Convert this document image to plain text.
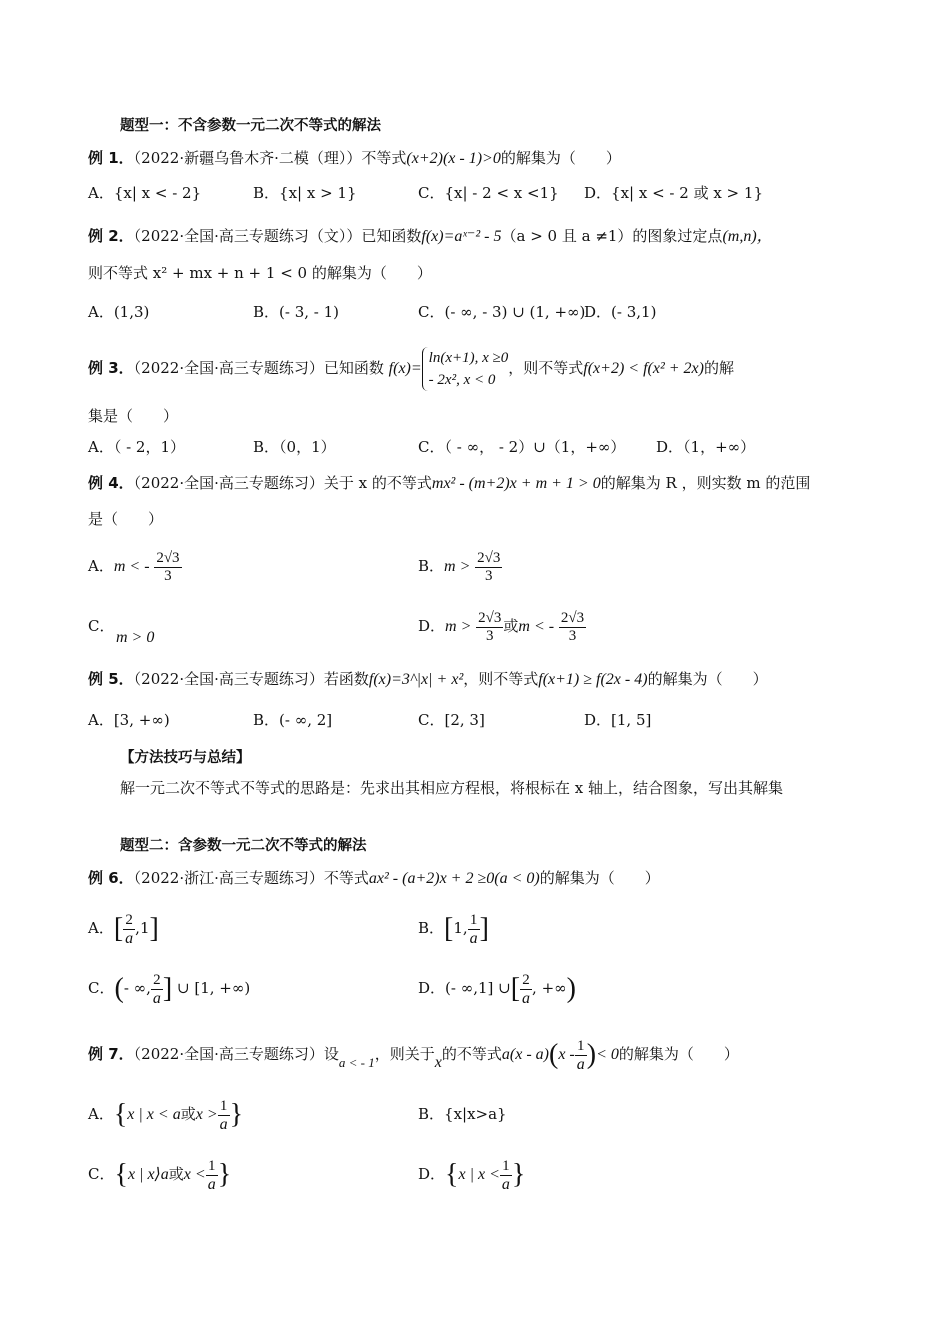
题型一：不含参数一元二次不等式的解法
例 1．（2022·新疆乌鲁木齐·二模（理））不等式(x+2)(x - 1)>0的解集为（　　）
A．{x| x < - 2}	B．{x| x > 1}	C．{x| - 2 < x <1} D．{x| x < - 2 或 x > 1}
例 2．（2022·全国·高三专题练习（文））已知函数f(x)=aˣ⁻² - 5（a > 0 且 a ≠1）的图象过定点(m,n)，
则不等式 x² + mx + n + 1 < 0 的解集为（　　）
A．(1,3)	B．(- 3, - 1)	C．(- ∞, - 3) ∪ (1, +∞)
D．(- 3,1)
例 3．（2022·全国·高三专题练习）已知函数 f(x)=
ln(x+1), x ≥0
- 2x², x < 0
，则不等式f(x+2) < f(x² + 2x)的解
集是（　　）
A．（ - 2，1）	B．（0，1）	C．（ - ∞， - 2）∪（1，+∞） D．（1，+∞）
例 4．（2022·全国·高三专题练习）关于 x 的不等式mx² - (m+2)x + m + 1 > 0的解集为 R ，则实数 m 的范围
是（　　）
A．m < - $\frac{2√3}{3}$	B．$m > \frac{2√3}{3}$
C．
m > 0
D．$m > \frac{2√3}{3}$ 或m < - $\frac{2√3}{3}$
例 5．（2022·全国·高三专题练习）若函数f(x)=3^|x| + x²，则不等式f(x+1) ≥ f(2x - 4)的解集为（　　）
A．[3, +∞)	B．(- ∞, 2]	C．[2, 3]	D．[1, 5]
【方法技巧与总结】
解一元二次不等式不等式的思路是：先求出其相应方程根，将根标在 x 轴上，结合图象，写出其解集
题型二：含参数一元二次不等式的解法
例 6．（2022·浙江·高三专题练习）不等式ax² - (a+2)x + 2 ≥0(a < 0)的解集为（　　）
A．[ $\frac{2}{a} ,1$]	B．[1, $\frac{1}{a}$ ]
C．(- ∞, $\frac{2}{a}$ ] ∪ [1, +∞)	D．(- ∞,1] ∪[ $\frac{2}{a}$ , +∞)
例 7．（2022·全国·高三专题练习）设a < - 1，则关于x的不等式$a(x - a)(x - \frac{1}{a}$ )< 0的解集为（　　）
A．{x | x < a或$x > \frac{1}{a}$ }	B．{x|x>a}
C．{x | x⟩a或$x < \frac{1}{a}$ }	D．{x | $x < \frac{1}{a}$ }
